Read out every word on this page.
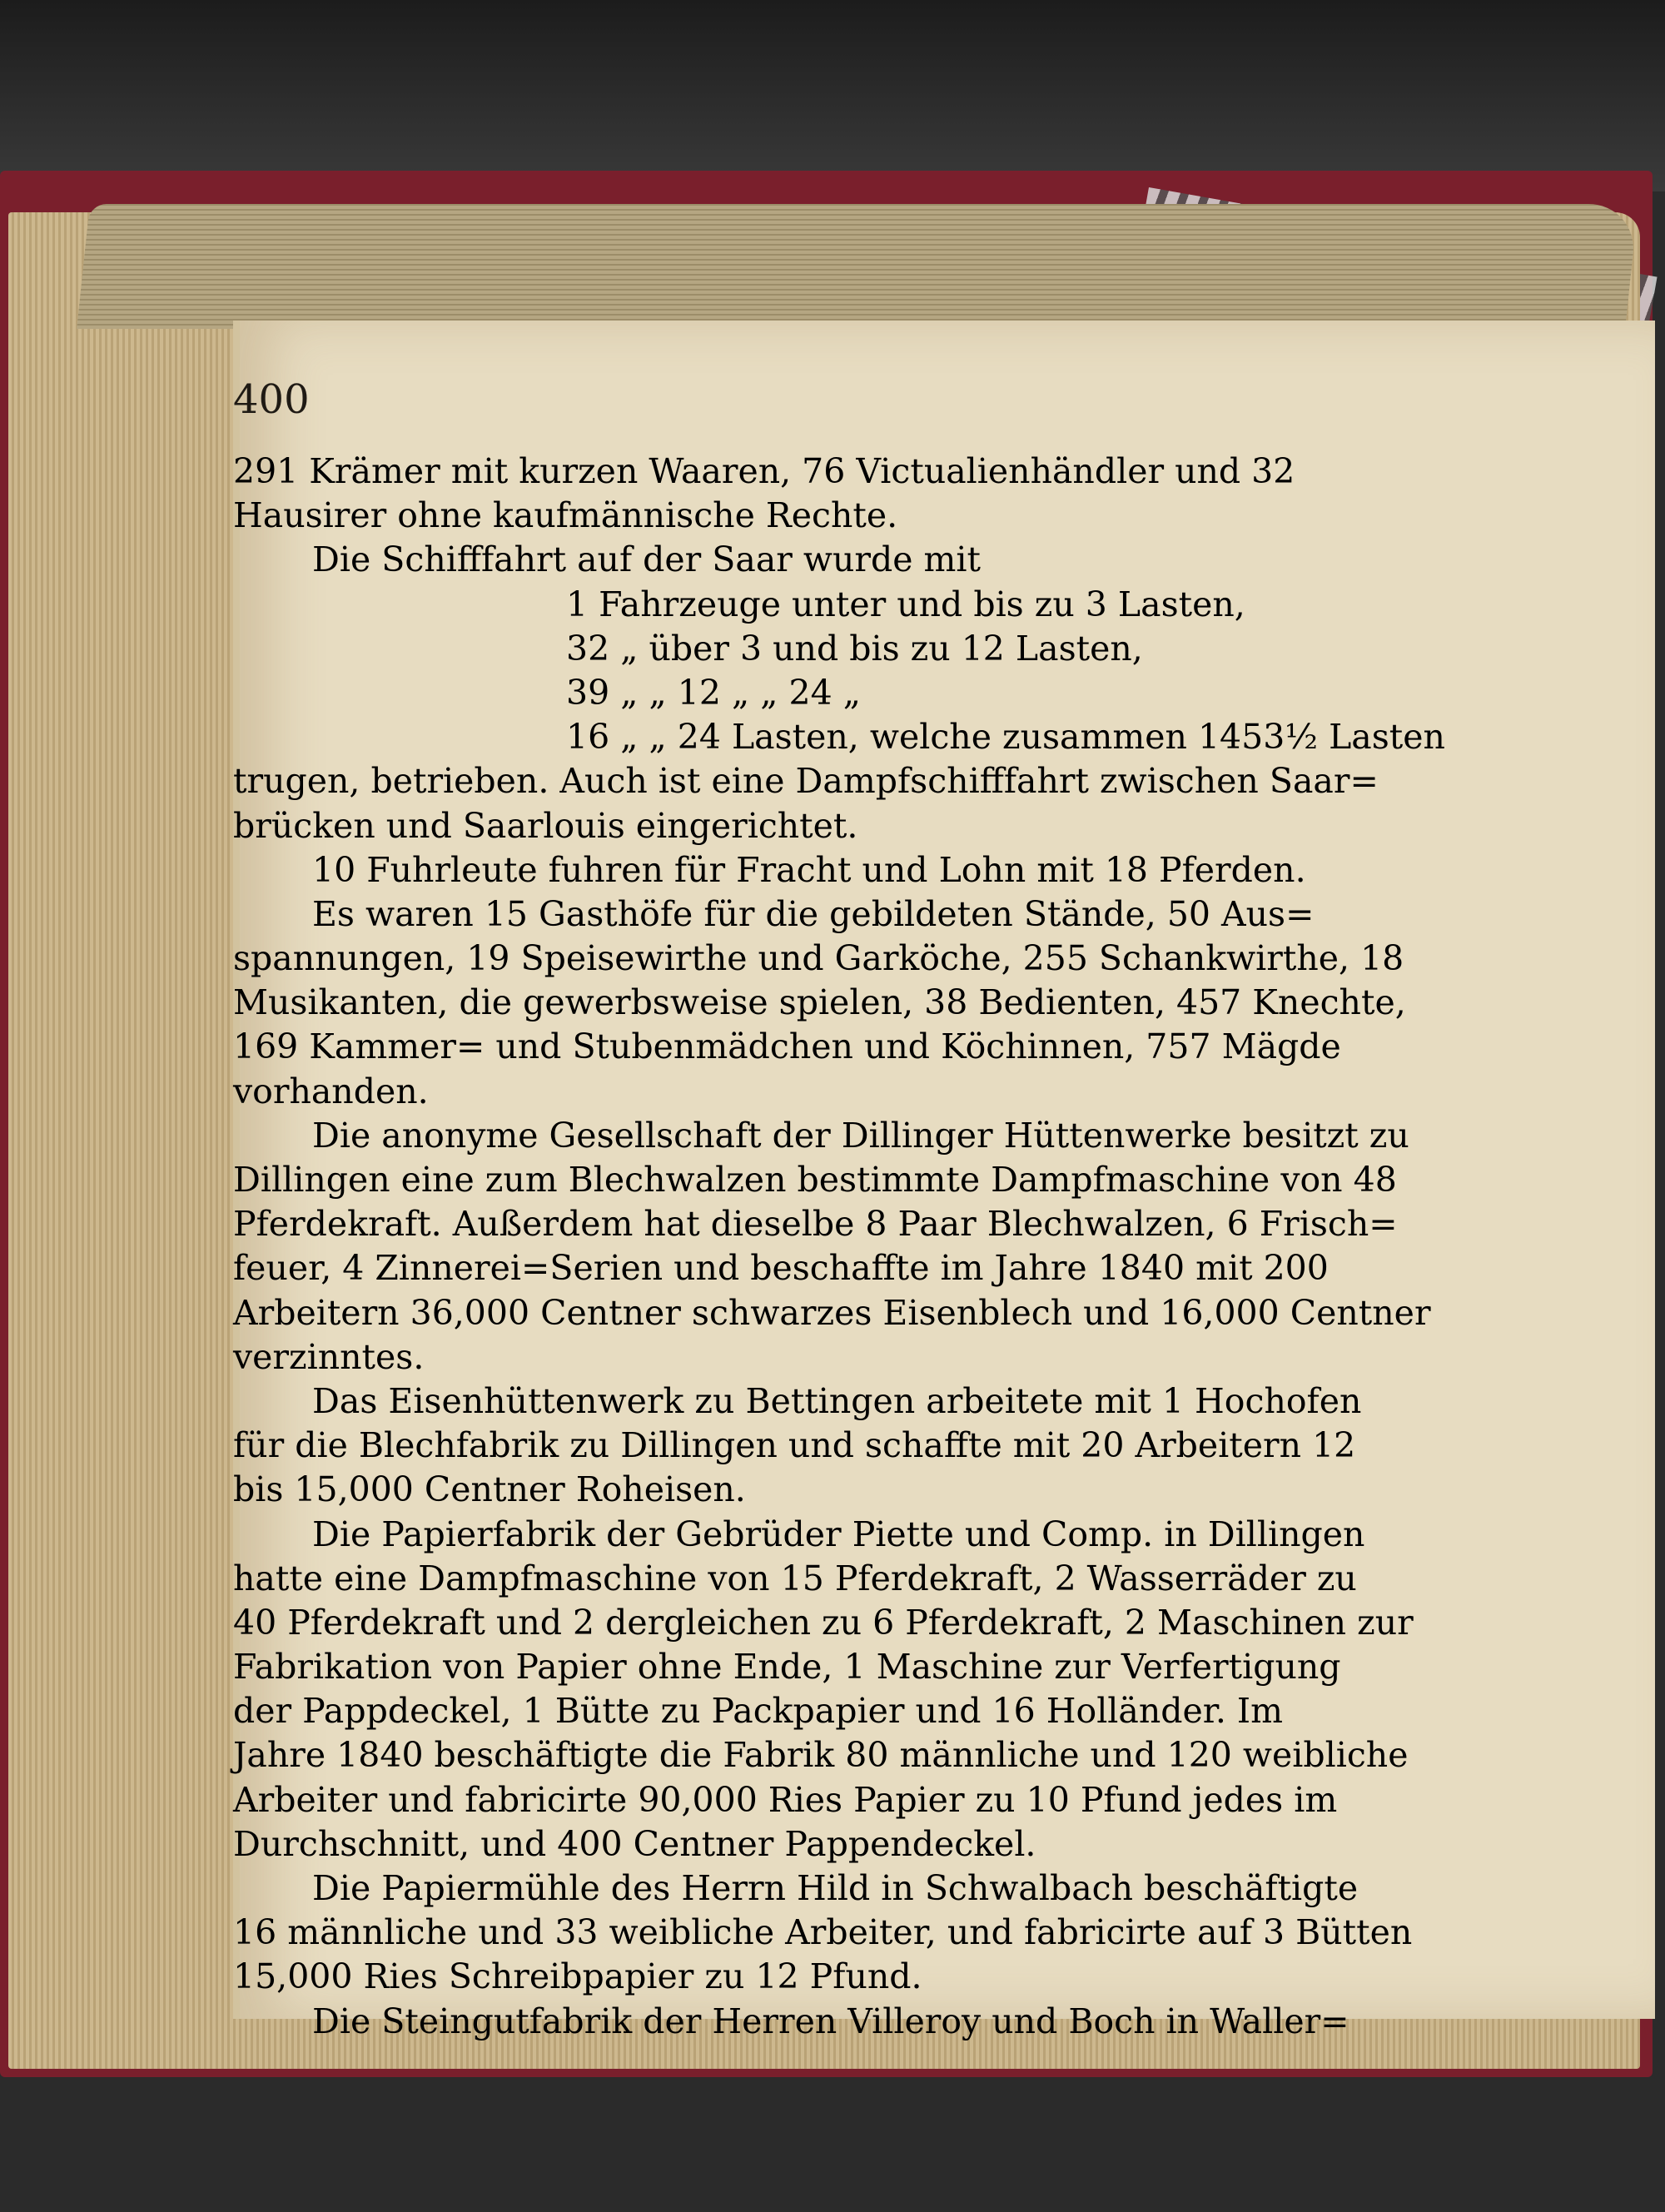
400
291 Krämer mit kurzen Waaren, 76 Victualienhändler und 32
Hausirer ohne kaufmännische Rechte.
Die Schifffahrt auf der Saar wurde mit
1 Fahrzeuge unter und bis zu 3 Lasten,
32 „ über 3 und bis zu 12 Lasten,
39 „ „ 12 „ „ 24 „
16 „ „ 24 Lasten, welche zusammen 1453½ Lasten
trugen, betrieben. Auch ist eine Dampfschifffahrt zwischen Saar=
brücken und Saarlouis eingerichtet.
10 Fuhrleute fuhren für Fracht und Lohn mit 18 Pferden.
Es waren 15 Gasthöfe für die gebildeten Stände, 50 Aus=
spannungen, 19 Speisewirthe und Garköche, 255 Schankwirthe, 18
Musikanten, die gewerbsweise spielen, 38 Bedienten, 457 Knechte,
169 Kammer= und Stubenmädchen und Köchinnen, 757 Mägde
vorhanden.
Die anonyme Gesellschaft der Dillinger Hüttenwerke besitzt zu
Dillingen eine zum Blechwalzen bestimmte Dampfmaschine von 48
Pferdekraft. Außerdem hat dieselbe 8 Paar Blechwalzen, 6 Frisch=
feuer, 4 Zinnerei=Serien und beschaffte im Jahre 1840 mit 200
Arbeitern 36,000 Centner schwarzes Eisenblech und 16,000 Centner
verzinntes.
Das Eisenhüttenwerk zu Bettingen arbeitete mit 1 Hochofen
für die Blechfabrik zu Dillingen und schaffte mit 20 Arbeitern 12
bis 15,000 Centner Roheisen.
Die Papierfabrik der Gebrüder Piette und Comp. in Dillingen
hatte eine Dampfmaschine von 15 Pferdekraft, 2 Wasserräder zu
40 Pferdekraft und 2 dergleichen zu 6 Pferdekraft, 2 Maschinen zur
Fabrikation von Papier ohne Ende, 1 Maschine zur Verfertigung
der Pappdeckel, 1 Bütte zu Packpapier und 16 Holländer. Im
Jahre 1840 beschäftigte die Fabrik 80 männliche und 120 weibliche
Arbeiter und fabricirte 90,000 Ries Papier zu 10 Pfund jedes im
Durchschnitt, und 400 Centner Pappendeckel.
Die Papiermühle des Herrn Hild in Schwalbach beschäftigte
16 männliche und 33 weibliche Arbeiter, und fabricirte auf 3 Bütten
15,000 Ries Schreibpapier zu 12 Pfund.
Die Steingutfabrik der Herren Villeroy und Boch in Waller=
